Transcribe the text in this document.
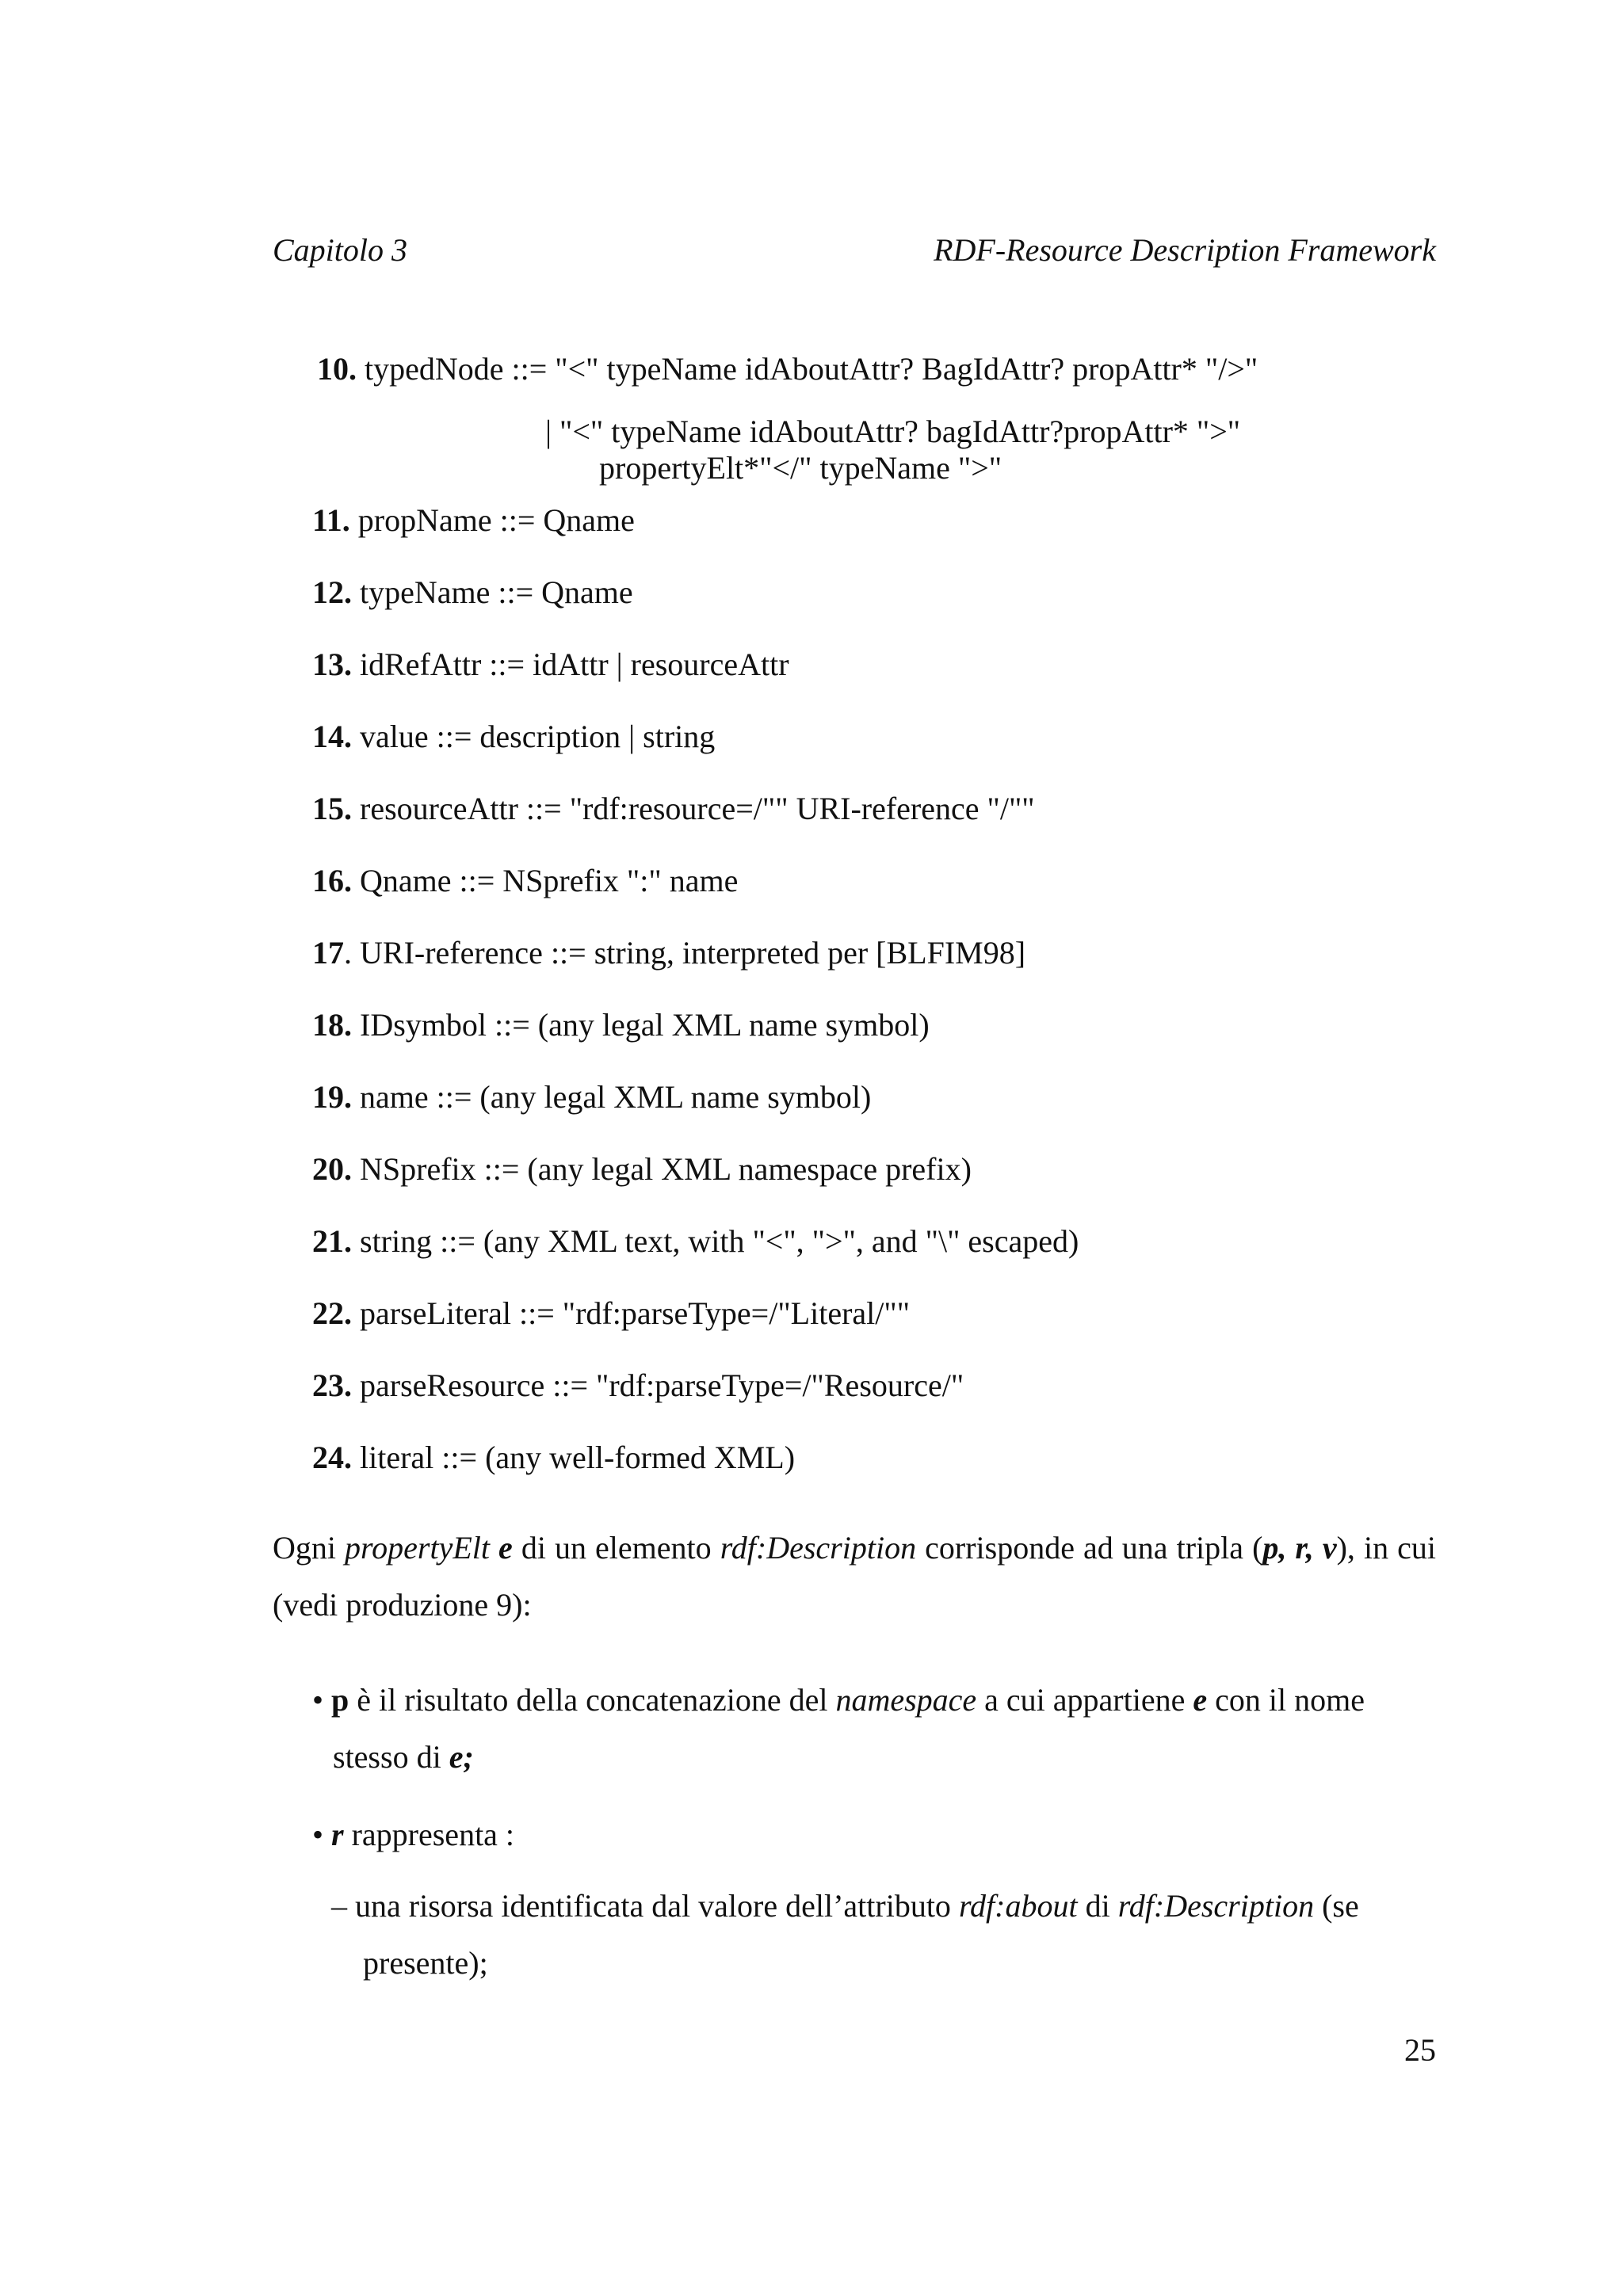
Capitolo 3	RDF-Resource Description Framework
10. typedNode ::= "<" typeName idAboutAttr? BagIdAttr? propAttr* "/>"
| "<" typeName idAboutAttr? bagIdAttr?propAttr* ">"
propertyElt*"</" typeName ">"
11. propName ::= Qname
12. typeName ::= Qname
13. idRefAttr ::= idAttr | resourceAttr
14. value ::= description | string
15. resourceAttr ::= "rdf:resource=/"" URI-reference "/""
16. Qname ::= NSprefix ":" name
17. URI-reference ::= string, interpreted per [BLFIM98]
18. IDsymbol ::= (any legal XML name symbol)
19. name ::= (any legal XML name symbol)
20. NSprefix ::= (any legal XML namespace prefix)
21. string ::= (any XML text, with "<", ">", and "\" escaped)
22. parseLiteral ::= "rdf:parseType=/"Literal/""
23. parseResource ::= "rdf:parseType=/"Resource/"
24. literal ::= (any well-formed XML)
Ogni propertyElt e di un elemento rdf:Description corrisponde ad una tripla (p, r, v), in cui (vedi produzione 9):
• p è il risultato della concatenazione del namespace a cui appartiene e con il nome
stesso di e;
• r rappresenta :
– una risorsa identificata dal valore dell’attributo rdf:about di rdf:Description (se
presente);
25
